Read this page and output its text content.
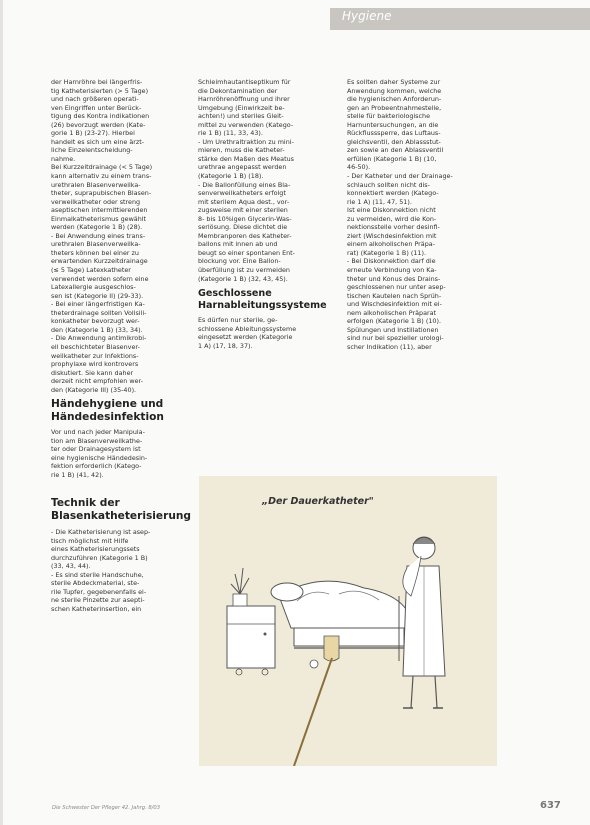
Hygiene

der Harnröhre bei längerfris-

tig Katheterisierten (> 5 Tage)

und nach größeren operati-

ven Eingriffen unter Berück-

tigung des Kontra indikationen

(26) bevorzugt werden (Kate-

gorie 1 B) (23-27). Hierbei

handelt es sich um eine ärzt-

liche Einzelentscheidung-

nahme.

Bei Kurzzeitdrainage (< 5 Tage)

kann alternativ zu einem trans-

urethralen Blasenverweilka-

theter, suprapubischen Blasen-

verweilkatheter oder streng

aseptischen intermittierenden

Einmalkatheterismus gewählt

werden (Kategorie 1 B) (28).

- Bei Anwendung eines trans-

urethralen Blasenverweilka-

theters können bei einer zu

erwartenden Kurzzeitdrainage

(≤ 5 Tage) Latexkatheter

verwendet werden sofern eine

Latexallergie ausgeschlos-

sen ist (Kategorie II) (29-33).

- Bei einer längerfristigen Ka-

theterdrainage sollten Vollsili-

konkatheter bevorzugt wer-

den (Kategorie 1 B) (33, 34).

- Die Anwendung antimikrobi-

ell beschichteter Blasenver-

weilkatheter zur Infektions-

prophylaxe wird kontrovers

diskutiert. Sie kann daher

derzeit nicht empfohlen wer-

den (Kategorie III) (35-40).

Händehygiene und Händedesinfektion

Vor und nach jeder Manipula-

tion am Blasenverweilkathe-

ter oder Drainagesystem ist

eine hygienische Händedesin-

fektion erforderlich (Katego-

rie 1 B) (41, 42).

Technik der Blasenkatheterisierung

- Die Katheterisierung ist asep-

tisch möglichst mit Hilfe

eines Katheterisierungssets

durchzuführen (Kategorie 1 B)

(33, 43, 44).

- Es sind sterile Handschuhe,

sterile Abdeckmaterial, ste-

rile Tupfer, gegebenenfalls ei-

ne sterile Pinzette zur asepti-

schen Katheterinsertion, ein

Schleimhautantiseptikum für

die Dekontamination der

Harnröhrenöffnung und ihrer

Umgebung (Einwirkzeit be-

achten!) und steriles Gleit-

mittel zu verwenden (Katego-

rie 1 B) (11, 33, 43).

- Um Urethraltraktion zu mini-

mieren, muss die Katheter-

stärke den Maßen des Meatus

urethrae angepasst werden

(Kategorie 1 B) (18).

- Die Ballonfüllung eines Bla-

senverweilkatheters erfolgt

mit sterilem Aqua dest., vor-

zugsweise mit einer sterilen

8- bis 10%igen Glycerin-Was-

serlösung. Diese dichtet die

Membranporen des Katheter-

ballons mit innen ab und

beugt so einer spontanen Ent-

blockung vor. Eine Ballon-

überfüllung ist zu vermeiden

(Kategorie 1 B) (32, 43, 45).

Geschlossene Harnableitungssysteme

Es dürfen nur sterile, ge-

schlossene Ableitungssysteme

eingesetzt werden (Kategorie

1 A) (17, 18, 37).

Es sollten daher Systeme zur

Anwendung kommen, welche

die hygienischen Anforderun-

gen an Probeentnahmestelle,

stelle für bakteriologische

Harnuntersuchungen, an die

Rückflusssperre, das Luftaus-

gleichsventil, den Ablassstut-

zen sowie an den Ablassventil

erfüllen (Kategorie 1 B) (10,

46-50).

- Der Katheter und der Drainage-

schlauch sollten nicht dis-

konnektiert werden (Katego-

rie 1 A) (11, 47, 51).

Ist eine Diskonnektion nicht

zu vermeiden, wird die Kon-

nektionsstelle vorher desinfi-

ziert (Wischdesinfektion mit

einem alkoholischen Präpa-

rat) (Kategorie 1 B) (11).

- Bei Diskonnektion darf die

erneute Verbindung von Ka-

theter und Konus des Drains-

geschlossenen nur unter asep-

tischen Kautelen nach Sprüh-

und Wischdesinfektion mit ei-

nem alkoholischen Präparat

erfolgen (Kategorie 1 B) (10).

Spülungen und Instillationen

sind nur bei spezieller urologi-

scher Indikation (11), aber

„Der Dauerkatheter"
Die Schwester Der Pfleger 42. Jahrg. 8/03	637
